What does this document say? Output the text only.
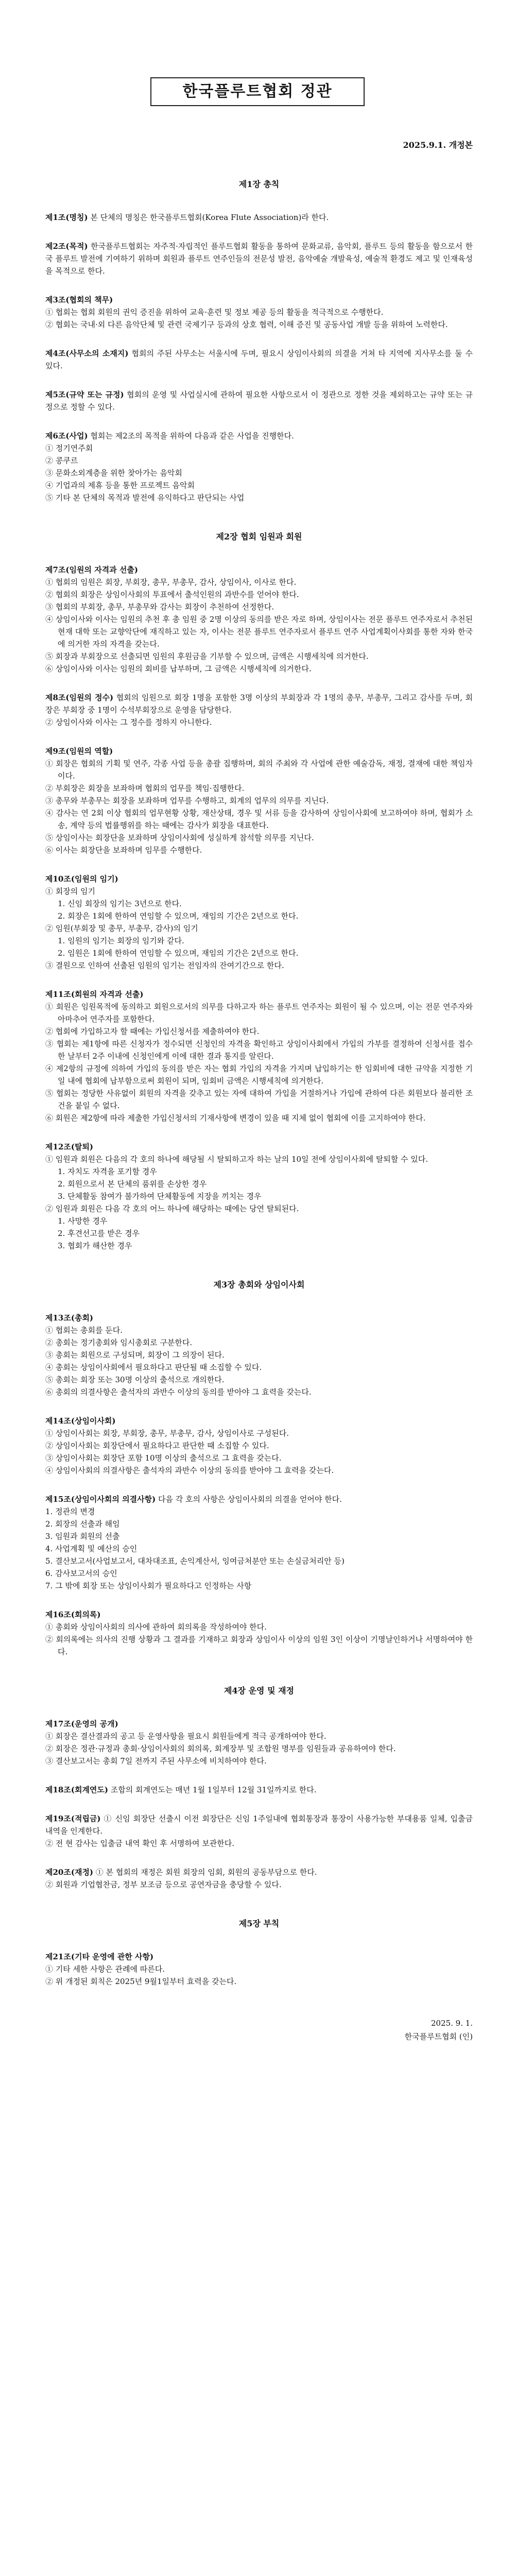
한국플루트협회 정관
2025.9.1. 개정본
제1장 총칙

제1조(명칭) 본 단체의 명칭은 한국플루트협회(Korea Flute Association)라 한다.

제2조(목적) 한국플루트협회는 자주적·자립적인 플루트협회 활동을 통하여 문화교류, 음악회, 플루트 등의 활동을 함으로서 한국 플루트 발전에 기여하기 위하며 회원과 플루트 연주인들의 전문성 발전, 음악예술 개발육성, 예술적 환경도 제고 및 인재육성을 목적으로 한다.

제3조(협회의 책무)

① 협회는 협회 회원의 권익 증진을 위하여 교육·훈련 및 정보 제공 등의 활동을 적극적으로 수행한다.
② 협회는 국내·외 다른 음악단체 및 관련 국제기구 등과의 상호 협력, 이해 증진 및 공동사업 개발 등을 위하여 노력한다.

제4조(사무소의 소재지) 협회의 주된 사무소는 서울시에 두며, 필요시 상임이사회의 의결을 거쳐 타 지역에 지사무소를 둘 수 있다.

제5조(규약 또는 규정) 협회의 운영 및 사업실시에 관하여 필요한 사항으로서 이 정관으로 정한 것을 제외하고는 규약 또는 규정으로 정할 수 있다.

제6조(사업) 협회는 제2조의 목적을 위하여 다음과 같은 사업을 진행한다.

① 정기연주회
② 콩쿠르
③ 문화소외계층을 위한 찾아가는 음악회
④ 기업과의 제휴 등을 통한 프로젝트 음악회
⑤ 기타 본 단체의 목적과 발전에 유익하다고 판단되는 사업
제2장 협회 임원과 회원

제7조(임원의 자격과 선출)

① 협회의 임원은 회장, 부회장, 총무, 부총무, 감사, 상임이사, 이사로 한다.
② 협회의 회장은 상임이사회의 투표에서 출석인원의 과반수를 얻어야 한다.
③ 협회의 부회장, 총무, 부총무와 감사는 회장이 추천하여 선정한다.
④ 상임이사와 이사는 임원의 추천 후 총 임원 중 2명 이상의 동의를 받은 자로 하며, 상임이사는 전문 플루트 연주자로서 추천된 현재 대학 또는 교향악단에 재직하고 있는 자, 이사는 전문 플루트 연주자로서 플루트 연주 사업계획이사회를 통한 자와 한국에 의거한 자의 자격을 갖는다.
⑤ 회장과 부회장으로 선출되면 임원의 후원금을 기부할 수 있으며, 금액은 시행세칙에 의거한다.
⑥ 상임이사와 이사는 임원의 회비를 납부하며, 그 금액은 시행세칙에 의거한다.

제8조(임원의 정수) 협회의 임원으로 회장 1명을 포함한 3명 이상의 부회장과 각 1명의 총무, 부총무, 그리고 감사를 두며, 회장은 부회장 중 1명이 수석부회장으로 운영을 담당한다.

② 상임이사와 이사는 그 정수를 정하지 아니한다.

제9조(임원의 역할)

① 회장은 협회의 기획 및 연주, 각종 사업 등을 총괄 집행하며, 회의 주최와 각 사업에 관한 예술감독, 재정, 결재에 대한 책임자이다.
② 부회장은 회장을 보좌하며 협회의 업무를 책임·집행한다.
③ 총무와 부총무는 회장을 보좌하며 업무를 수행하고, 회계의 업무의 의무를 지닌다.
④ 감사는 연 2회 이상 협회의 업무현황 상황, 재산상태, 경우 및 서류 등을 감사하여 상임이사회에 보고하여야 하며, 협회가 소송, 계약 등의 법률행위를 하는 때에는 감사가 회장을 대표한다.
⑤ 상임이사는 회장단을 보좌하며 상임이사회에 성실하게 참석할 의무를 지닌다.
⑥ 이사는 회장단을 보좌하며 임무를 수행한다.

제10조(임원의 임기)

① 회장의 임기
1. 신임 회장의 임기는 3년으로 한다.
2. 회장은 1회에 한하여 연임할 수 있으며, 재임의 기간은 2년으로 한다.
② 임원(부회장 및 총무, 부총무, 감사)의 임기
1. 임원의 임기는 회장의 임기와 같다.
2. 임원은 1회에 한하여 연임할 수 있으며, 재임의 기간은 2년으로 한다.
③ 결원으로 인하여 선출된 임원의 임기는 전임자의 잔여기간으로 한다.

제11조(회원의 자격과 선출)

① 회원은 임원목적에 동의하고 회원으로서의 의무를 다하고자 하는 플루트 연주자는 회원이 될 수 있으며, 이는 전문 연주자와 아마추어 연주자를 포함한다.
② 협회에 가입하고자 할 때에는 가입신청서를 제출하여야 한다.
③ 협회는 제1항에 따른 신청자가 정수되면 신청인의 자격을 확인하고 상임이사회에서 가입의 가부를 결정하여 신청서를 접수한 날부터 2주 이내에 신청인에게 이에 대한 결과 통지를 알린다.
④ 제2항의 규정에 의하여 가입의 동의를 받은 자는 협회 가입의 자격을 가지며 납입하기는 한 임회비에 대한 규약을 지정한 기일 내에 협회에 납부함으로써 회원이 되며, 임회비 금액은 시행세칙에 의거한다.
⑤ 협회는 정당한 사유없이 회원의 자격을 갖추고 있는 자에 대하여 가입을 거절하거나 가입에 관하여 다른 회원보다 불리한 조건을 붙일 수 없다.
⑥ 회원은 제2항에 따라 제출한 가입신청서의 기재사항에 변경이 있을 때 지체 없이 협회에 이를 고지하여야 한다.

제12조(탈퇴)

① 임원과 회원은 다음의 각 호의 하나에 해당될 시 탈퇴하고자 하는 날의 10일 전에 상임이사회에 탈퇴할 수 있다.
1. 자치도 자격을 포기할 경우
2. 회원으로서 본 단체의 품위를 손상한 경우
3. 단체활동 참여가 불가하여 단체활동에 지장을 끼치는 경우
② 임원과 회원은 다음 각 호의 어느 하나에 해당하는 때에는 당연 탈퇴된다.
1. 사망한 경우
2. 후견선고를 받은 경우
3. 협회가 해산한 경우
제3장 총회와 상임이사회

제13조(총회)

① 협회는 총회를 둔다.
② 총회는 정기총회와 임시총회로 구분한다.
③ 총회는 회원으로 구성되며, 회장이 그 의장이 된다.
④ 총회는 상임이사회에서 필요하다고 판단될 때 소집할 수 있다.
⑤ 총회는 회장 또는 30명 이상의 출석으로 개의한다.
⑥ 총회의 의결사항은 출석자의 과반수 이상의 동의를 받아야 그 효력을 갖는다.

제14조(상임이사회)

① 상임이사회는 회장, 부회장, 총무, 부총무, 감사, 상임이사로 구성된다.
② 상임이사회는 회장단에서 필요하다고 판단한 때 소집할 수 있다.
③ 상임이사회는 회장단 포함 10명 이상의 출석으로 그 효력을 갖는다.
④ 상임이사회의 의결사항은 출석자의 과반수 이상의 동의를 받아야 그 효력을 갖는다.

제15조(상임이사회의 의결사항) 다음 각 호의 사항은 상임이사회의 의결을 얻어야 한다.

1. 정관의 변경
2. 회장의 선출과 해임
3. 임원과 회원의 선출
4. 사업계획 및 예산의 승인
5. 결산보고서(사업보고서, 대차대조표, 손익계산서, 잉여금처분안 또는 손실금처리안 등)
6. 감사보고서의 승인
7. 그 밖에 회장 또는 상임이사회가 필요하다고 인정하는 사항

제16조(회의록)

① 총회와 상임이사회의 의사에 관하여 회의록을 작성하여야 한다.
② 회의록에는 의사의 진행 상황과 그 결과를 기재하고 회장과 상임이사 이상의 임원 3인 이상이 기명날인하거나 서명하여야 한다.
제4장 운영 및 재정

제17조(운영의 공개)

① 회장은 결산결과의 공고 등 운영사항을 필요시 회원들에게 적극 공개하여야 한다.
② 회장은 정관·규정과 총회·상임이사회의 회의록, 회계장부 및 조합원 명부를 임원들과 공유하여야 한다.
③ 결산보고서는 총회 7일 전까지 주된 사무소에 비치하여야 한다.

제18조(회계연도) 조합의 회계연도는 매년 1월 1일부터 12월 31일까지로 한다.

제19조(적립금) ① 신임 회장단 선출시 이전 회장단은 신임 1주일내에 협회통장과 통장이 사용가능한 부대용품 일체, 입출금 내역을 인계한다.

② 전 현 감사는 입출금 내역 확인 후 서명하여 보관한다.

제20조(재정) ① 본 협회의 재정은 회원 회장의 임회, 회원의 공동부담으로 한다.

② 회원과 기업협찬금, 정부 보조금 등으로 공연자금을 충당할 수 있다.
제5장 부칙

제21조(기타 운영에 관한 사항)

① 기타 세한 사항은 관례에 따른다.
② 위 개정된 회칙은 2025년 9월1일부터 효력을 갖는다.
2025. 9. 1.
한국플루트협회 (인)
